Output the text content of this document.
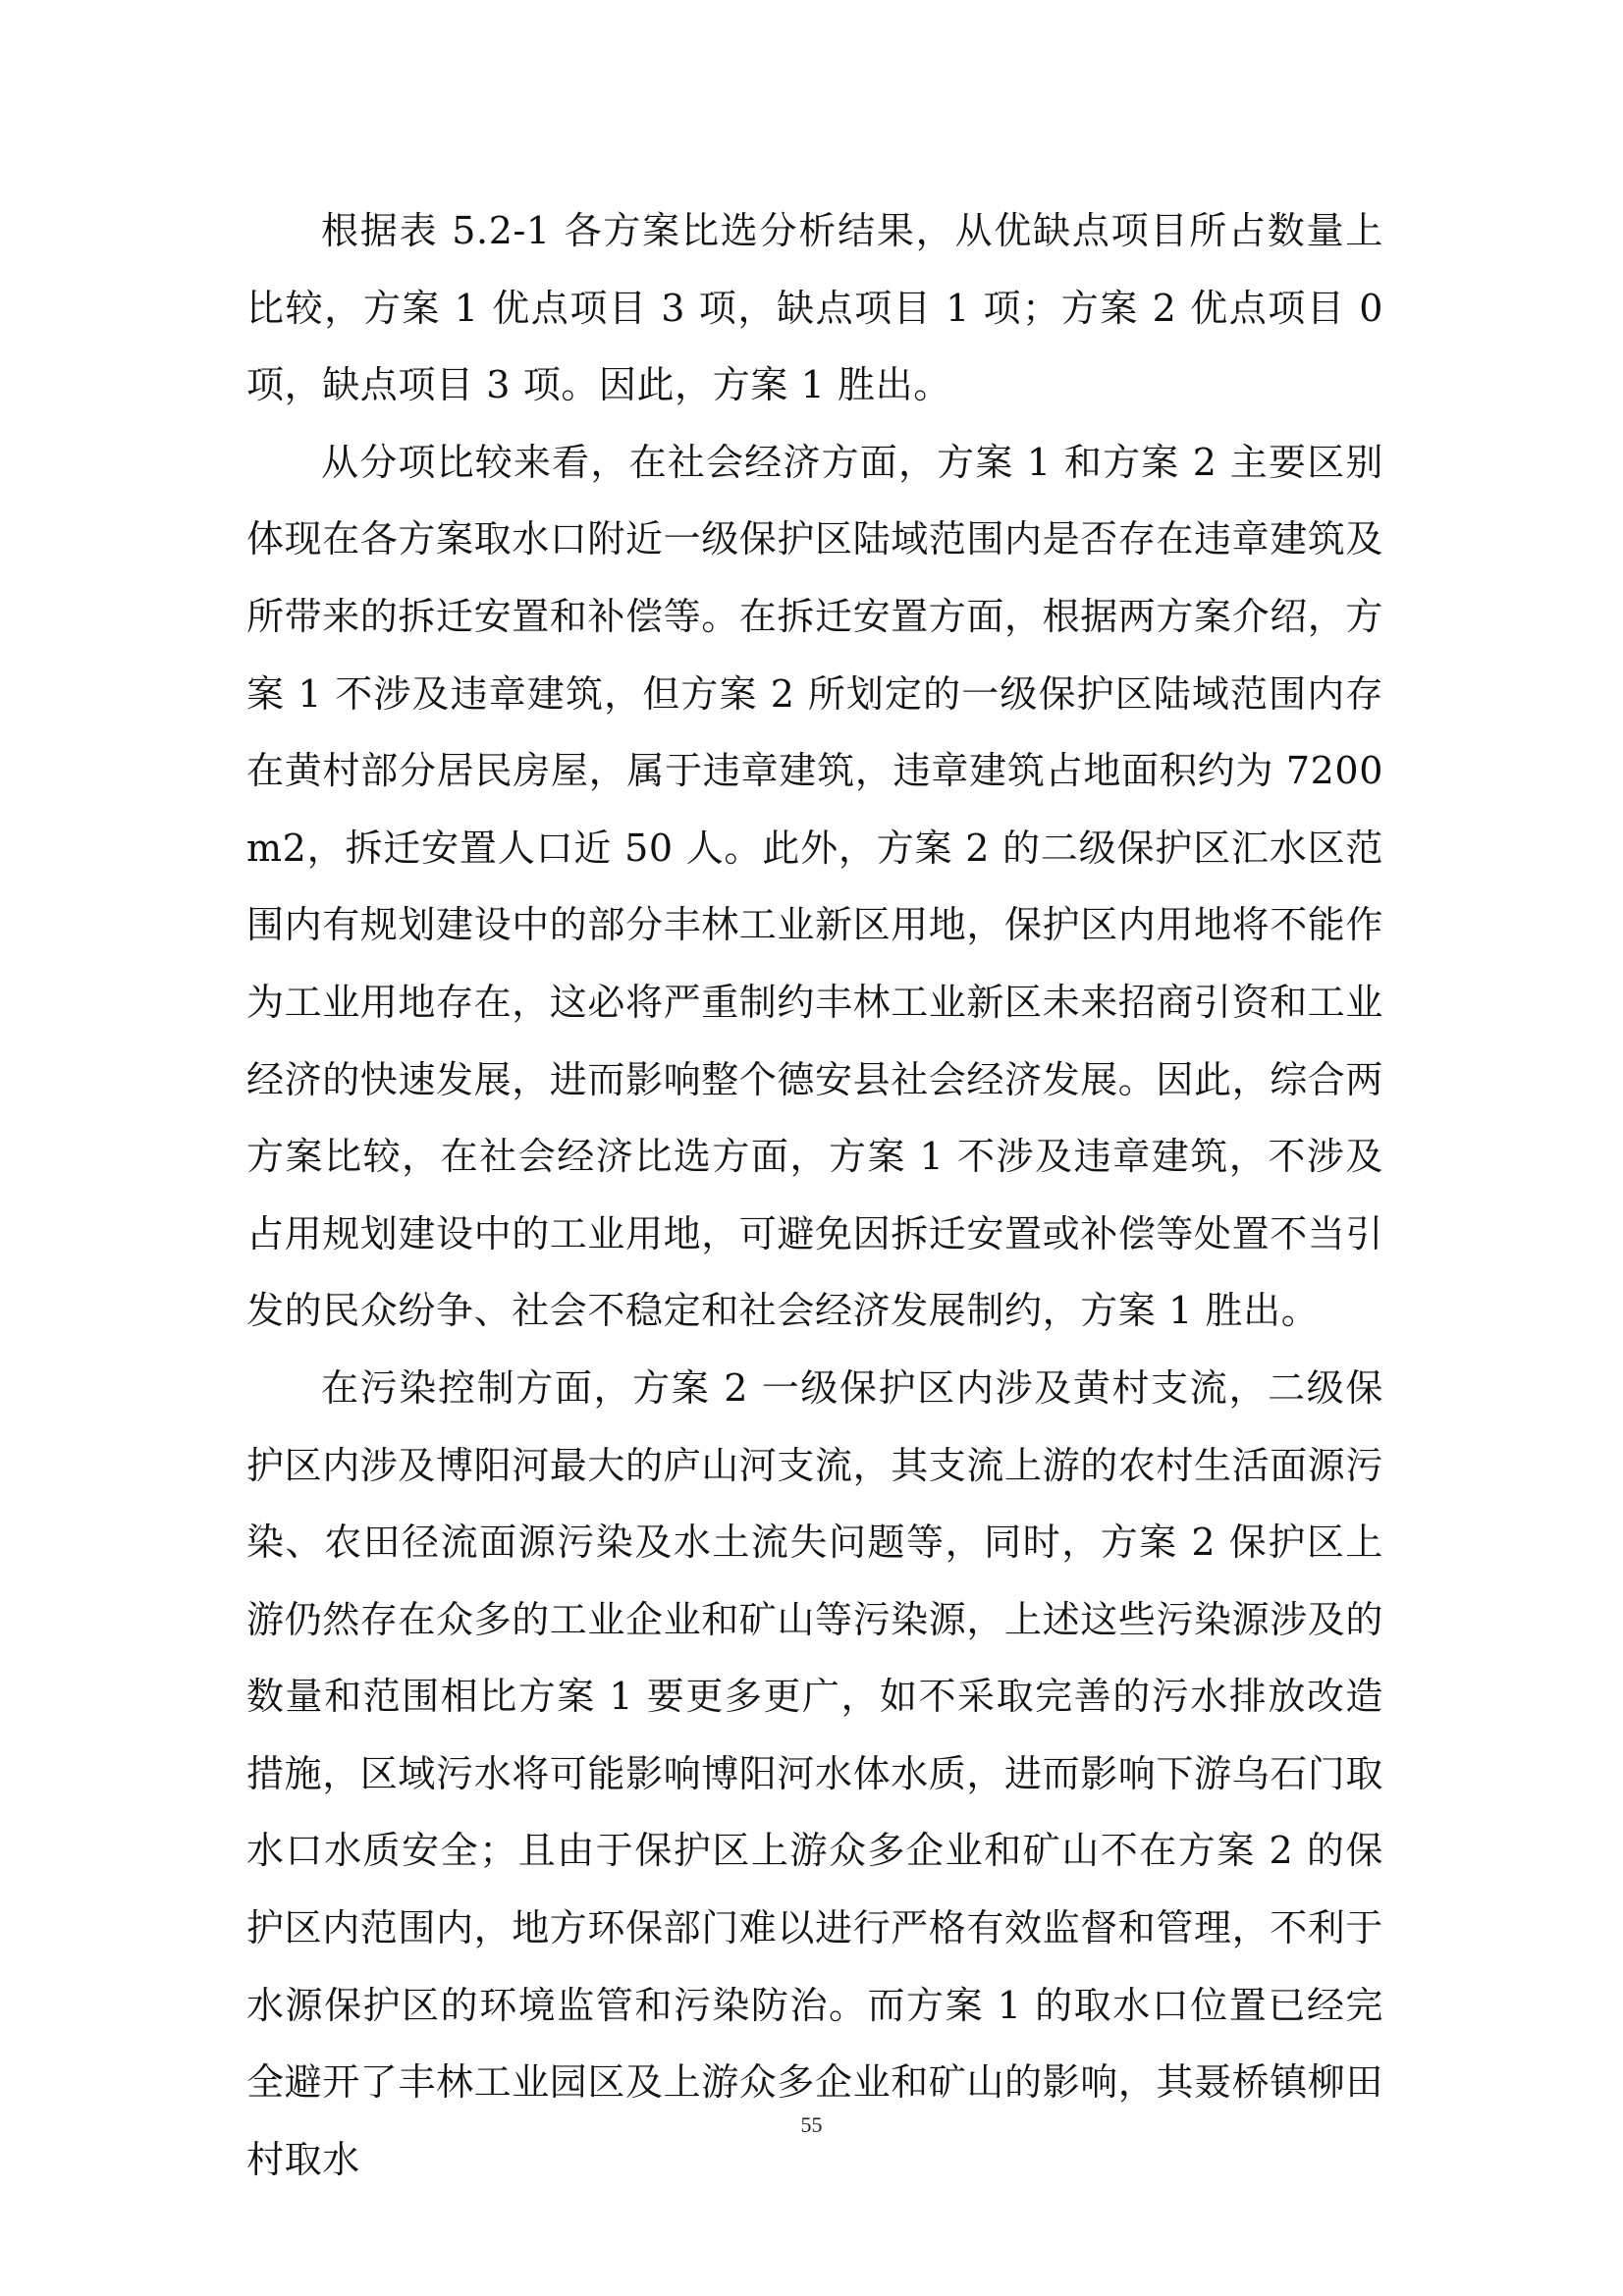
根据表 5.2-1 各方案比选分析结果，从优缺点项目所占数量上比较，方案 1 优点项目 3 项，缺点项目 1 项；方案 2 优点项目 0 项，缺点项目 3 项。因此，方案 1 胜出。

从分项比较来看，在社会经济方面，方案 1 和方案 2 主要区别体现在各方案取水口附近一级保护区陆域范围内是否存在违章建筑及所带来的拆迁安置和补偿等。在拆迁安置方面，根据两方案介绍，方案 1 不涉及违章建筑，但方案 2 所划定的一级保护区陆域范围内存在黄村部分居民房屋，属于违章建筑，违章建筑占地面积约为 7200m2，拆迁安置人口近 50 人。此外，方案 2 的二级保护区汇水区范围内有规划建设中的部分丰林工业新区用地，保护区内用地将不能作为工业用地存在，这必将严重制约丰林工业新区未来招商引资和工业经济的快速发展，进而影响整个德安县社会经济发展。因此，综合两方案比较，在社会经济比选方面，方案 1 不涉及违章建筑，不涉及占用规划建设中的工业用地，可避免因拆迁安置或补偿等处置不当引发的民众纷争、社会不稳定和社会经济发展制约，方案 1 胜出。

在污染控制方面，方案 2 一级保护区内涉及黄村支流，二级保护区内涉及博阳河最大的庐山河支流，其支流上游的农村生活面源污染、农田径流面源污染及水土流失问题等，同时，方案 2 保护区上游仍然存在众多的工业企业和矿山等污染源，上述这些污染源涉及的数量和范围相比方案 1 要更多更广，如不采取完善的污水排放改造措施，区域污水将可能影响博阳河水体水质，进而影响下游乌石门取水口水质安全；且由于保护区上游众多企业和矿山不在方案 2 的保护区内范围内，地方环保部门难以进行严格有效监督和管理，不利于水源保护区的环境监管和污染防治。而方案 1 的取水口位置已经完全避开了丰林工业园区及上游众多企业和矿山的影响，其聂桥镇柳田村取水

55
